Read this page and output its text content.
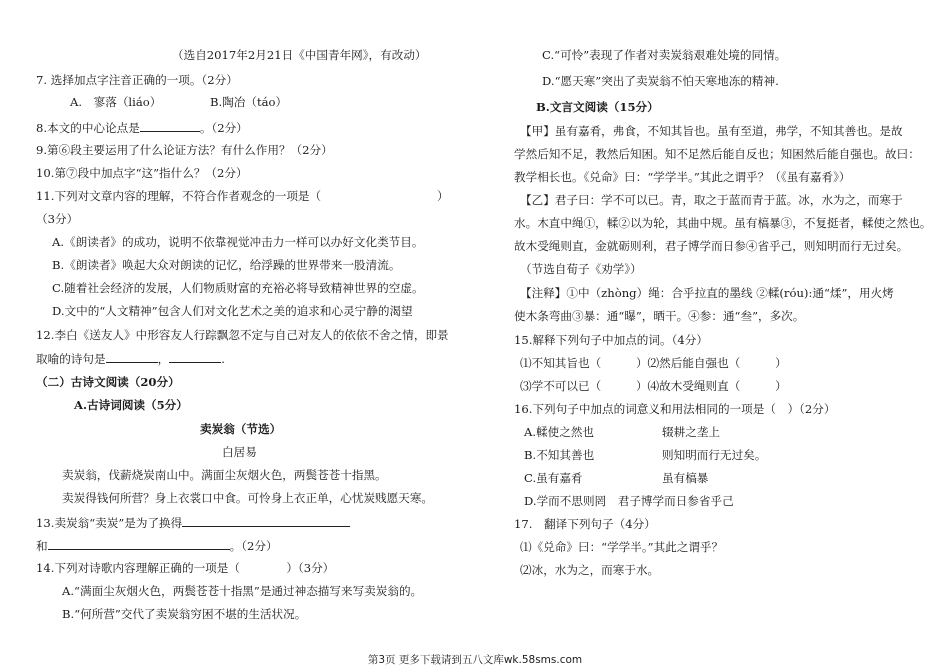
（选自2017年2月21日《中国青年网》，有改动）
7. 选择加点字注音正确的一项。（2分）
A.　寥落（liáo）	B.陶冶（táo）
8.本文的中心论点是	。（2分）
9.第⑥段主要运用了什么论证方法？有什么作用？（2分）
10.第⑦段中加点字“这”指什么？（2分）
11.下列对文章内容的理解，不符合作者观念的一项是（　　　　　　　　　　）
（3分）
A.《朗读者》的成功，说明不依靠视觉冲击力一样可以办好文化类节目。
B.《朗读者》唤起大众对朗读的记忆，给浮躁的世界带来一股清流。
C.随着社会经济的发展，人们物质财富的充裕必将导致精神世界的空虚。
D.文中的“人文精神”包含人们对文化艺术之美的追求和心灵宁静的渴望
12.李白《送友人》中形容友人行踪飘忽不定与自己对友人的依依不舍之情，即景
取喻的诗句是	，	.
（二）古诗文阅读（20分）
A.古诗词阅读（5分）
卖炭翁（节选）
白居易
卖炭翁，伐薪烧炭南山中。满面尘灰烟火色，两鬓苍苍十指黑。
卖炭得钱何所营？身上衣裳口中食。可怜身上衣正单，心忧炭贱愿天寒。
13.卖炭翁“卖炭”是为了换得
和	。（2分）
14.下列对诗歌内容理解正确的一项是（　　　　）（3分）
A.“满面尘灰烟火色，两鬓苍苍十指黑”是通过神态描写来写卖炭翁的。
B.“何所营”交代了卖炭翁穷困不堪的生活状况。
C.“可怜”表现了作者对卖炭翁艰难处境的同情。
D.“愿天寒”突出了卖炭翁不怕天寒地冻的精神.
B.文言文阅读（15分）
【甲】虽有嘉肴，弗食，不知其旨也。虽有至道，弗学，不知其善也。是故
学然后知不足，教然后知困。知不足然后能自反也；知困然后能自强也。故曰：
教学相长也。《兑命》曰：“学学半。”其此之谓乎？（《虽有嘉肴》）
【乙】君子曰：学不可以已。青，取之于蓝而青于蓝。冰，水为之，而寒于
水。木直中绳①，輮②以为轮，其曲中规。虽有槁暴③，不复挺者，輮使之然也。
故木受绳则直，金就砺则利，君子博学而日参④省乎己，则知明而行无过矣。
（节选自荀子《劝学》）
【注释】①中（zhòng）绳：合乎拉直的墨线 ②輮(róu):通“煣”，用火烤
使木条弯曲③暴：通“曝”，晒干。④参：通“叁”，多次。
15.解释下列句子中加点的词。（4分）
⑴不知其旨也（　　　）⑵然后能自强也（　　　）
⑶学不可以已（　　　）⑷故木受绳则直（　　　）
16.下列句子中加点的词意义和用法相同的一项是（　）（2分）
A.輮使之然也	辍耕之垄上
B.不知其善也	则知明而行无过矣。
C.虽有嘉肴	虽有槁暴
D.学而不思则罔　君子博学而日参省乎己
17.　翻译下列句子（4分）
⑴《兑命》曰：“学学半。”其此之谓乎？
⑵冰，水为之，而寒于水。
第3页 更多下载请到五八文库wk.58sms.com
